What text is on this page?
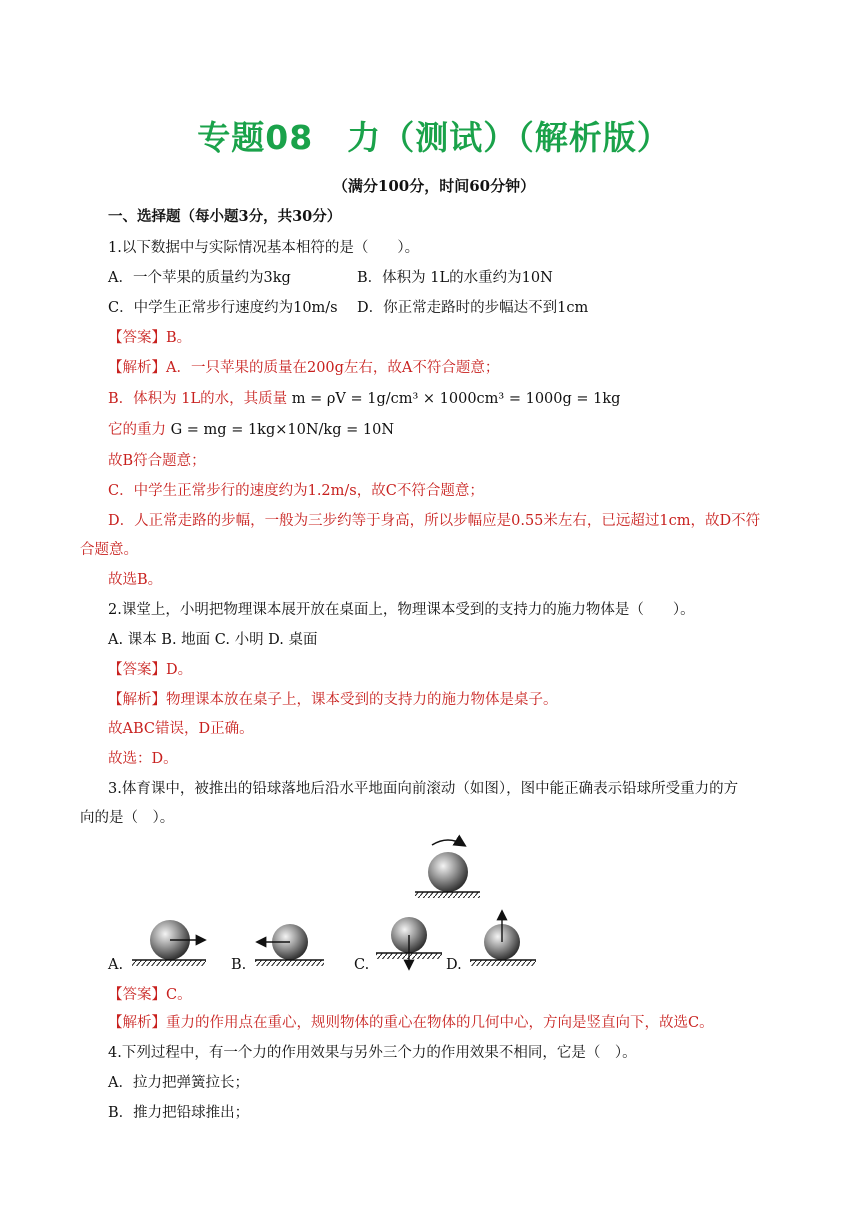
专题08　力（测试）（解析版）
（满分100分，时间60分钟）
一、选择题（每小题3分，共30分）
1.以下数据中与实际情况基本相符的是（　　）。
A．一个苹果的质量约为3kg	B．体积为 1L的水重约为10N
C．中学生正常步行速度约为10m/s D．你正常走路时的步幅达不到1cm
【答案】B。
【解析】A．一只苹果的质量在200g左右，故A不符合题意；
B．体积为 1L的水，其质量 m = ρV = 1g/cm³ × 1000cm³ = 1000g = 1kg
它的重力 G = mg = 1kg×10N/kg = 10N
故B符合题意；
C．中学生正常步行的速度约为1.2m/s，故C不符合题意；
D．人正常走路的步幅，一般为三步约等于身高，所以步幅应是0.55米左右，已远超过1cm，故D不符
合题意。
故选B。
2.课堂上，小明把物理课本展开放在桌面上，物理课本受到的支持力的施力物体是（　　）。
A. 课本 B. 地面 C. 小明 D. 桌面
【答案】D。
【解析】物理课本放在桌子上，课本受到的支持力的施力物体是桌子。
故ABC错误，D正确。
故选：D。
3.体育课中，被推出的铅球落地后沿水平地面向前滚动（如图），图中能正确表示铅球所受重力的方
向的是（　）。
A.	B.	C.	D.
【答案】C。
【解析】重力的作用点在重心，规则物体的重心在物体的几何中心，方向是竖直向下，故选C。
4.下列过程中，有一个力的作用效果与另外三个力的作用效果不相同，它是（　）。
A．拉力把弹簧拉长；
B．推力把铅球推出；
